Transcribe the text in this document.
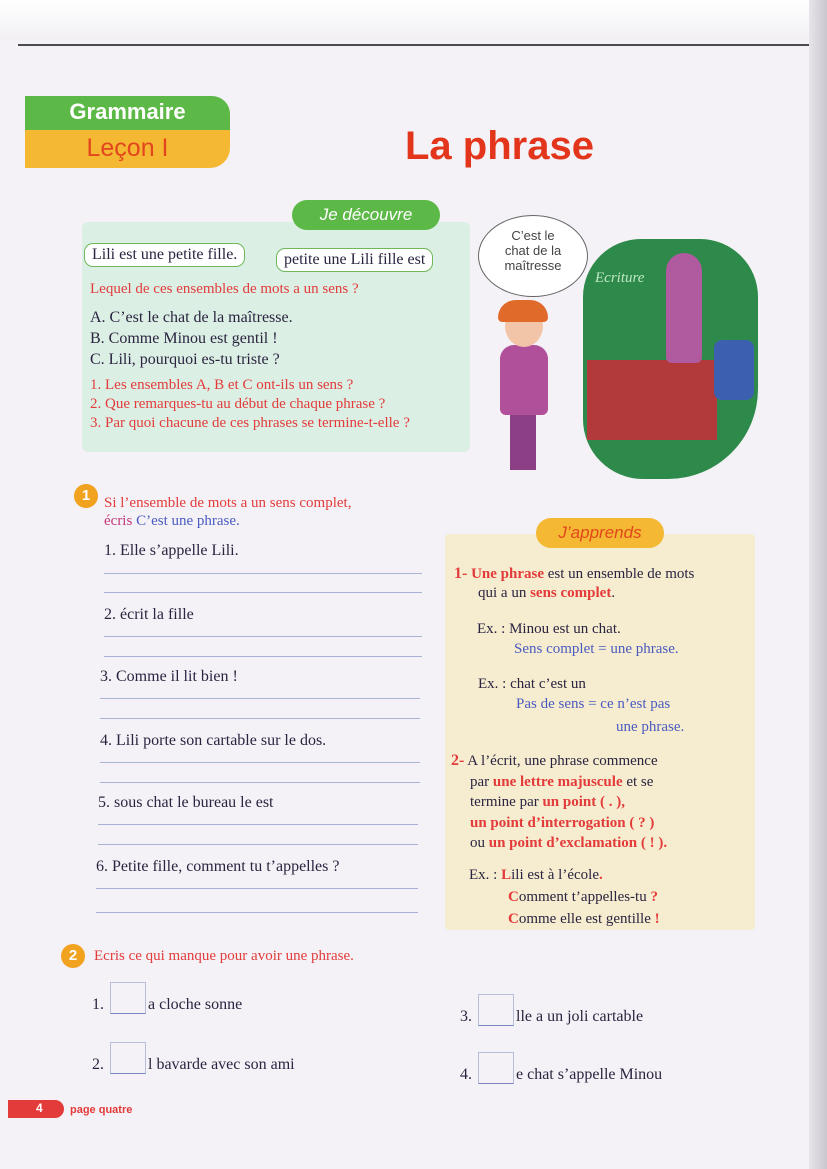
Grammaire
Leçon I	La phrase
Je découvre
Lili est une petite fille.	petite une Lili fille est
Lequel de ces ensembles de mots a un sens ?
A. C’est le chat de la maîtresse.
B. Comme Minou est gentil !
C. Lili, pourquoi es-tu triste ?
1. Les ensembles A, B et C ont-ils un sens ?
2. Que remarques-tu au début de chaque phrase ?
3. Par quoi chacune de ces phrases se termine-t-elle ?
Ecriture
C’est le
chat de la
maîtresse
1 Si l’ensemble de mots a un sens complet,
écris C’est une phrase.
1. Elle s’appelle Lili.
2. écrit la fille
3. Comme il lit bien !
4. Lili porte son cartable sur le dos.
5. sous chat le bureau le est
6. Petite fille, comment tu t’appelles ?
J’apprends
1- Une phrase est un ensemble de mots
qui a un sens complet.
Ex. : Minou est un chat.
Sens complet = une phrase.
Ex. : chat c’est un
Pas de sens = ce n’est pas
une phrase.
2- A l’écrit, une phrase commence
par une lettre majuscule et se
termine par un point ( . ),
un point d’interrogation ( ? )
ou un point d’exclamation ( ! ).
Ex. : Lili est à l’école.
Comment t’appelles-tu ?
Comme elle est gentille !
2	Ecris ce qui manque pour avoir une phrase.
1.	a cloche sonne
2.	l bavarde avec son ami
3.	lle a un joli cartable
4.	e chat s’appelle Minou
4 page quatre
